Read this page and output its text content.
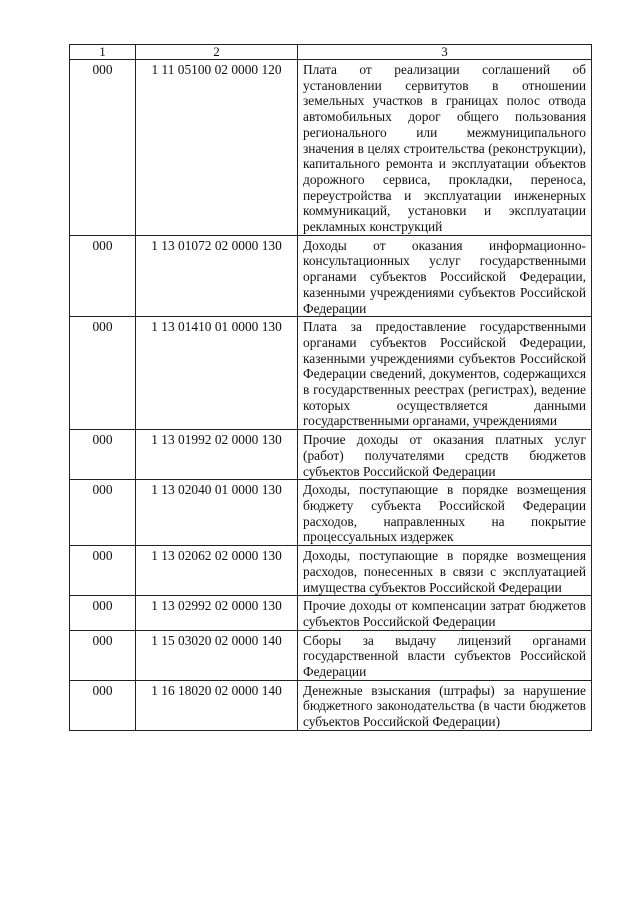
1	2	3
000	1 11 05100 02 0000 120	Плата от реализации соглашений об установлении сервитутов в отношении земельных участков в границах полос отвода автомобильных дорог общего пользования регионального или межмуниципального значения в целях строительства (реконструкции), капитального ремонта и эксплуатации объектов дорожного сервиса, прокладки, переноса, переустройства и эксплуатации инженерных коммуникаций, установки и эксплуатации рекламных конструкций
000	1 13 01072 02 0000 130	Доходы от оказания информационно-консультационных услуг государственными органами субъектов Российской Федерации, казенными учреждениями субъектов Российской Федерации
000	1 13 01410 01 0000 130	Плата за предоставление государственными органами субъектов Российской Федерации, казенными учреждениями субъектов Российской Федерации сведений, документов, содержащихся в государственных реестрах (регистрах), ведение которых осуществляется данными государственными органами, учреждениями
000	1 13 01992 02 0000 130	Прочие доходы от оказания платных услуг (работ) получателями средств бюджетов субъектов Российской Федерации
000	1 13 02040 01 0000 130	Доходы, поступающие в порядке возмещения бюджету субъекта Российской Федерации расходов, направленных на покрытие процессуальных издержек
000	1 13 02062 02 0000 130	Доходы, поступающие в порядке возмещения расходов, понесенных в связи с эксплуатацией имущества субъектов Российской Федерации
000	1 13 02992 02 0000 130	Прочие доходы от компенсации затрат бюджетов субъектов Российской Федерации
000	1 15 03020 02 0000 140	Сборы за выдачу лицензий органами государственной власти субъектов Российской Федерации
000	1 16 18020 02 0000 140	Денежные взыскания (штрафы) за нарушение бюджетного законодательства (в части бюджетов субъектов Российской Федерации)
